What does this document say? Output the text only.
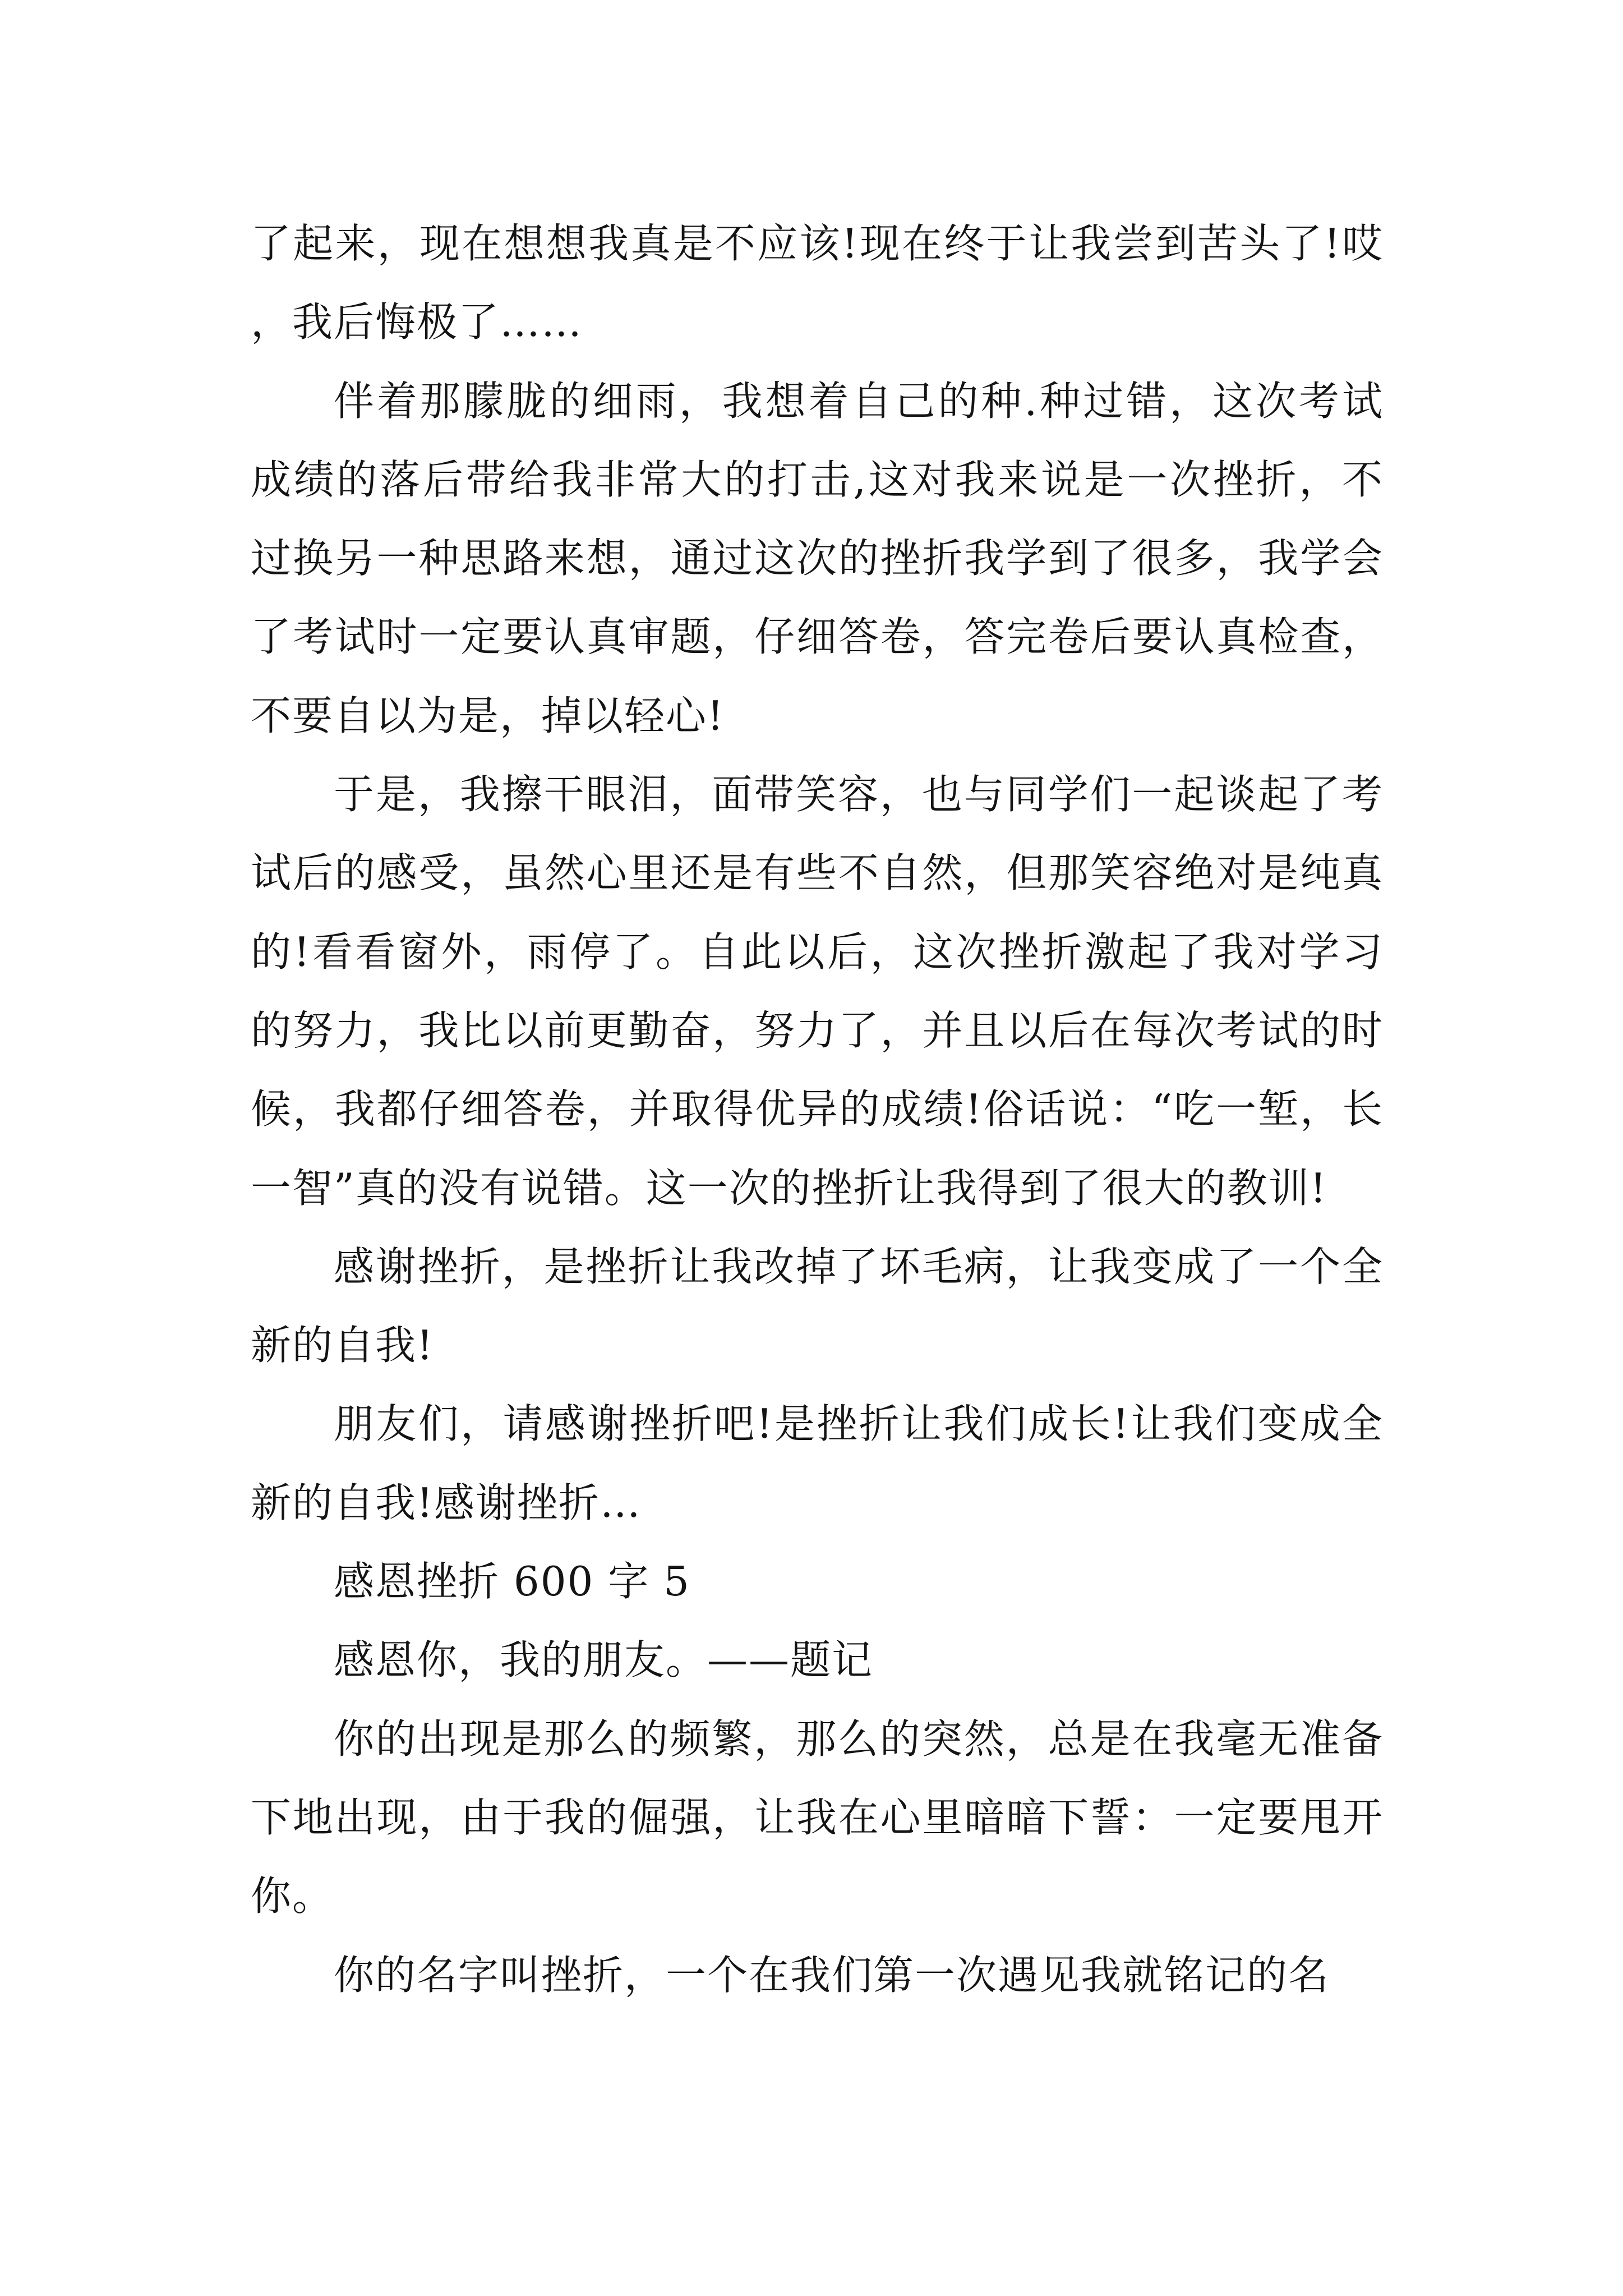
了起来，现在想想我真是不应该!现在终于让我尝到苦头了!哎，我后悔极了……

伴着那朦胧的细雨，我想着自己的种.种过错，这次考试成绩的落后带给我非常大的打击,这对我来说是一次挫折，不过换另一种思路来想，通过这次的挫折我学到了很多，我学会了考试时一定要认真审题，仔细答卷，答完卷后要认真检查，不要自以为是，掉以轻心!

于是，我擦干眼泪，面带笑容，也与同学们一起谈起了考试后的感受，虽然心里还是有些不自然，但那笑容绝对是纯真的!看看窗外，雨停了。自此以后，这次挫折激起了我对学习的努力，我比以前更勤奋，努力了，并且以后在每次考试的时候，我都仔细答卷，并取得优异的成绩!俗话说：“吃一堑，长一智”真的没有说错。这一次的挫折让我得到了很大的教训!

感谢挫折，是挫折让我改掉了坏毛病，让我变成了一个全新的自我!

朋友们，请感谢挫折吧!是挫折让我们成长!让我们变成全新的自我!感谢挫折…

感恩挫折 600 字 5

感恩你，我的朋友。——题记

你的出现是那么的频繁，那么的突然，总是在我毫无准备下地出现，由于我的倔强，让我在心里暗暗下誓：一定要甩开你。

你的名字叫挫折，一个在我们第一次遇见我就铭记的名
